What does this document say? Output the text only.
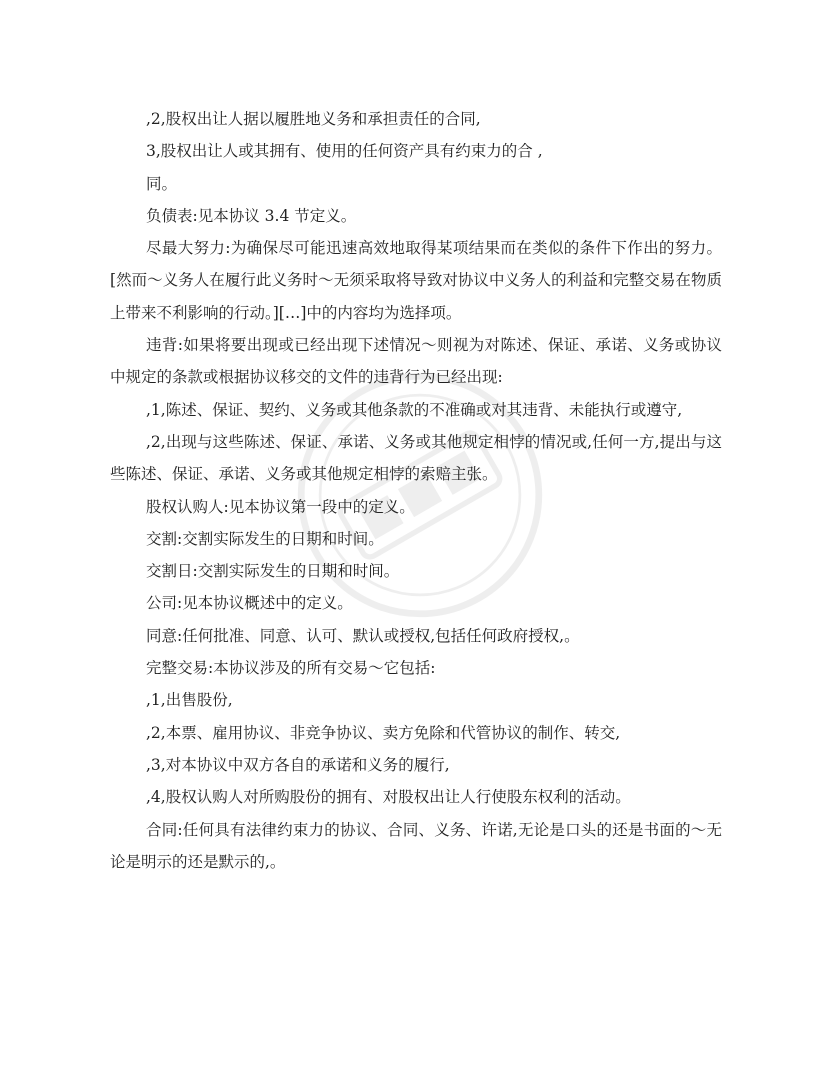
,2,股权出让人据以履胜地义务和承担责任的合同,

3,股权出让人或其拥有、使用的任何资产具有约束力的合 ,

同。

负债表:见本协议 3.4 节定义。

尽最大努力:为确保尽可能迅速高效地取得某项结果而在类似的条件下作出的努力。[然而～义务人在履行此义务时～无须采取将导致对协议中义务人的利益和完整交易在物质上带来不利影响的行动。][…]中的内容均为选择项。

违背:如果将要出现或已经出现下述情况～则视为对陈述、保证、承诺、义务或协议中规定的条款或根据协议移交的文件的违背行为已经出现:

,1,陈述、保证、契约、义务或其他条款的不准确或对其违背、未能执行或遵守,

,2,出现与这些陈述、保证、承诺、义务或其他规定相悖的情况或,任何一方,提出与这些陈述、保证、承诺、义务或其他规定相悖的索赔主张。

股权认购人:见本协议第一段中的定义。

交割:交割实际发生的日期和时间。

交割日:交割实际发生的日期和时间。

公司:见本协议概述中的定义。

同意:任何批准、同意、认可、默认或授权,包括任何政府授权,。

完整交易:本协议涉及的所有交易～它包括:

,1,出售股份,

,2,本票、雇用协议、非竞争协议、卖方免除和代管协议的制作、转交,

,3,对本协议中双方各自的承诺和义务的履行,

,4,股权认购人对所购股份的拥有、对股权出让人行使股东权利的活动。

合同:任何具有法律约束力的协议、合同、义务、许诺,无论是口头的还是书面的～无论是明示的还是默示的,。
